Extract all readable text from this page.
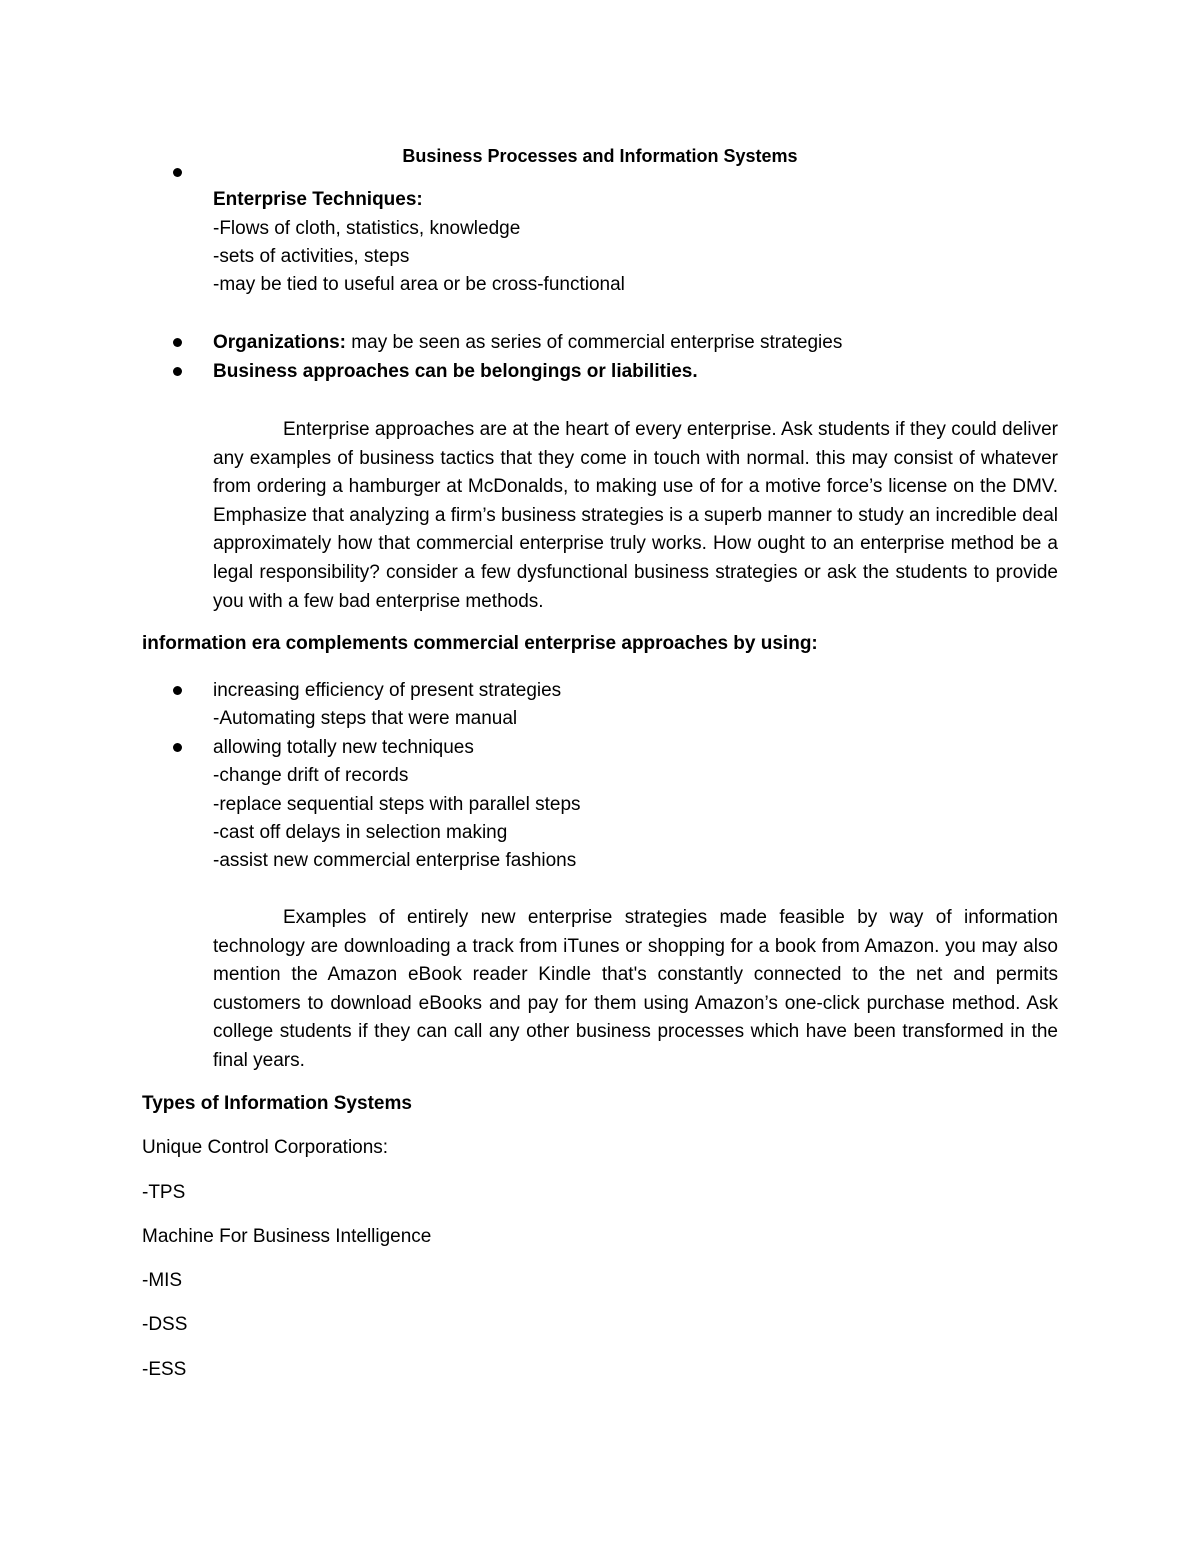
Business Processes and Information Systems
Enterprise Techniques:
-Flows of cloth, statistics, knowledge
-sets of activities, steps
-may be tied to useful area or be cross-functional
Organizations: may be seen as series of commercial enterprise strategies
Business approaches can be belongings or liabilities.

Enterprise approaches are at the heart of every enterprise. Ask students if they could deliver any examples of business tactics that they come in touch with normal. this may consist of whatever from ordering a hamburger at McDonalds, to making use of for a motive force’s license on the DMV. Emphasize that analyzing a firm’s business strategies is a superb manner to study an incredible deal approximately how that commercial enterprise truly works. How ought to an enterprise method be a legal responsibility? consider a few dysfunctional business strategies or ask the students to provide you with a few bad enterprise methods.

information era complements commercial enterprise approaches by using:
increasing efficiency of present strategies
-Automating steps that were manual
allowing totally new techniques
-change drift of records
-replace sequential steps with parallel steps
-cast off delays in selection making
-assist new commercial enterprise fashions

Examples of entirely new enterprise strategies made feasible by way of information technology are downloading a track from iTunes or shopping for a book from Amazon. you may also mention the Amazon eBook reader Kindle that's constantly connected to the net and permits customers to download eBooks and pay for them using Amazon’s one-click purchase method. Ask college students if they can call any other business processes which have been transformed in the final years.

Types of Information Systems
Unique Control Corporations:
-TPS
Machine For Business Intelligence
-MIS
-DSS
-ESS
